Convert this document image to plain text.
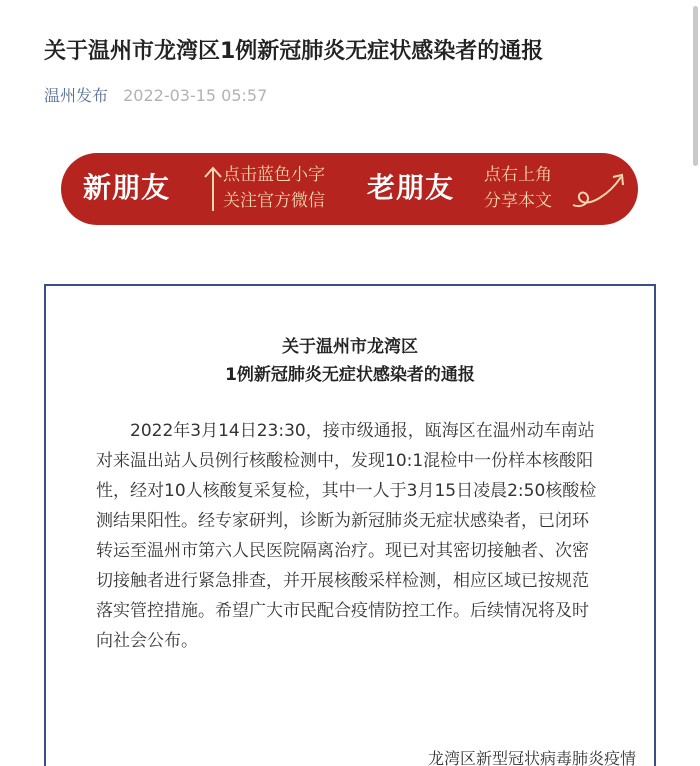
关于温州市龙湾区1例新冠肺炎无症状感染者的通报
温州发布 2022-03-15 05:57
新朋友	点击蓝色小字
关注官方微信 老朋友 点右上角
分享本文
关于温州市龙湾区
1例新冠肺炎无症状感染者的通报
　　2022年3月14日23:30，接市级通报，瓯海区在温州动车南站
对来温出站人员例行核酸检测中，发现10:1混检中一份样本核酸阳
性，经对10人核酸复采复检，其中一人于3月15日凌晨2:50核酸检
测结果阳性。经专家研判，诊断为新冠肺炎无症状感染者，已闭环
转运至温州市第六人民医院隔离治疗。现已对其密切接触者、次密
切接触者进行紧急排查，并开展核酸采样检测，相应区域已按规范
落实管控措施。希望广大市民配合疫情防控工作。后续情况将及时
向社会公布。
龙湾区新型冠状病毒肺炎疫情
